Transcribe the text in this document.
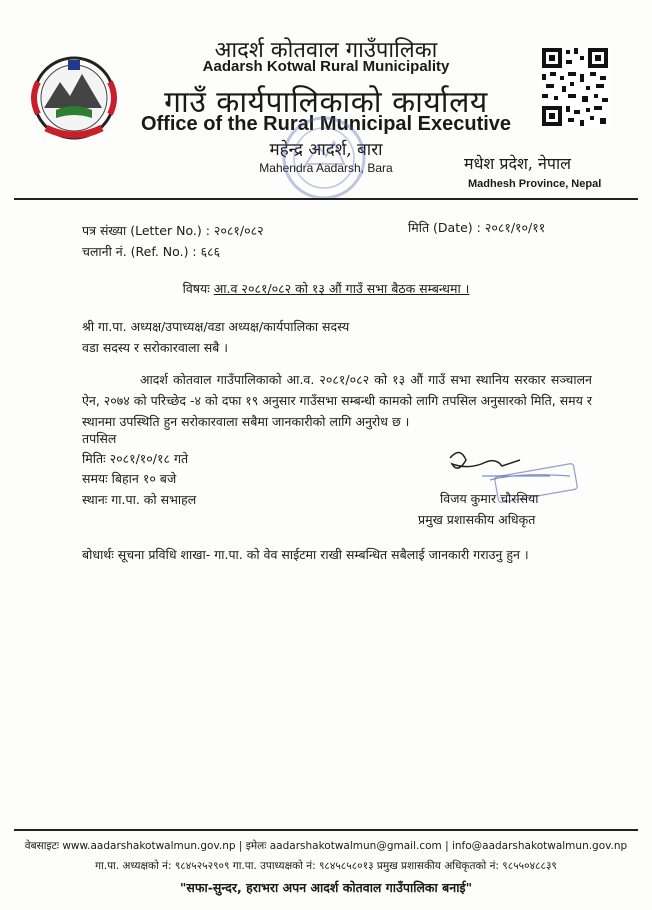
आदर्श कोतवाल गाउँपालिका
Aadarsh Kotwal Rural Municipality
गाउँ कार्यपालिकाको कार्यालय
Office of the Rural Municipal Executive
महेन्द्र आदर्श, बारा
Mahendra Aadarsh, Bara	मधेश प्रदेश, नेपाल
Madhesh Province, Nepal
पत्र संख्या (Letter No.) : २०८१/०८२
चलानी नं. (Ref. No.) : ६८६
मिति (Date) : २०८१/१०/११
विषयः आ.व २०८१/०८२ को १३ औं गाउँ सभा बैठक सम्बन्धमा ।
श्री गा.पा. अध्यक्ष/उपाध्यक्ष/वडा अध्यक्ष/कार्यपालिका सदस्य
वडा सदस्य र सरोकारवाला सबै ।
आदर्श कोतवाल गाउँपालिकाको आ.व. २०८१/०८२ को १३ औं गाउँ सभा स्थानिय सरकार सञ्चालन ऐन, २०७४ को परिच्छेद -४ को दफा १९ अनुसार गाउँसभा सम्बन्धी कामको लागि तपसिल अनुसारको मिति, समय र स्थानमा उपस्थिति हुन सरोकारवाला सबैमा जानकारीको लागि अनुरोध छ ।
तपसिल
मितिः २०८१/१०/१८ गते
समयः बिहान १० बजे
स्थानः गा.पा. को सभाहल	विजय कुमार चौरसिया
प्रमुख प्रशासकीय अधिकृत
बोधार्थः सूचना प्रविधि शाखा- गा.पा. को वेव साईटमा राखी सम्बन्धित सबैलाई जानकारी गराउनु हुन ।
वेबसाइटः www.aadarshakotwalmun.gov.np | इमेलः aadarshakotwalmun@gmail.com | info@aadarshakotwalmun.gov.np
गा.पा. अध्यक्षको नं: ९८४५२५२९०९ गा.पा. उपाध्यक्षको नं: ९८४५८५८०१३ प्रमुख प्रशासकीय अधिकृतको नं: ९८५५०४८८३९
"सफा-सुन्दर, हराभरा अपन आदर्श कोतवाल गाउँपालिका बनाई"
